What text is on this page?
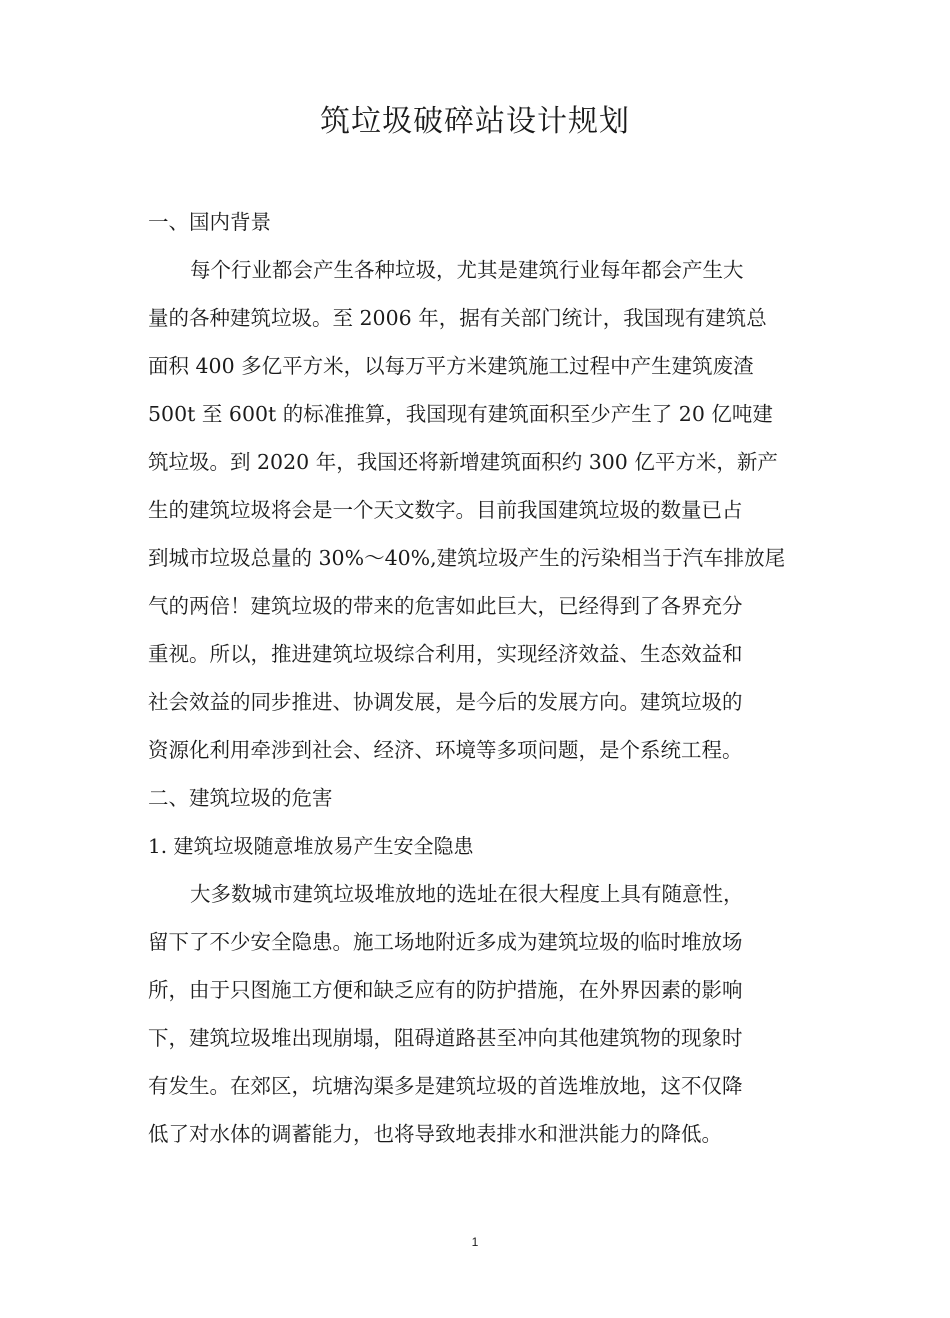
筑垃圾破碎站设计规划
一、国内背景
每个行业都会产生各种垃圾，尤其是建筑行业每年都会产生大
量的各种建筑垃圾。至 2006 年，据有关部门统计，我国现有建筑总
面积 400 多亿平方米，以每万平方米建筑施工过程中产生建筑废渣
500t 至 600t 的标准推算，我国现有建筑面积至少产生了 20 亿吨建
筑垃圾。到 2020 年，我国还将新增建筑面积约 300 亿平方米，新产
生的建筑垃圾将会是一个天文数字。目前我国建筑垃圾的数量已占
到城市垃圾总量的 30%～40%,建筑垃圾产生的污染相当于汽车排放尾
气的两倍！建筑垃圾的带来的危害如此巨大，已经得到了各界充分
重视。所以，推进建筑垃圾综合利用，实现经济效益、生态效益和
社会效益的同步推进、协调发展，是今后的发展方向。建筑垃圾的
资源化利用牵涉到社会、经济、环境等多项问题，是个系统工程。
二、建筑垃圾的危害
1. 建筑垃圾随意堆放易产生安全隐患
大多数城市建筑垃圾堆放地的选址在很大程度上具有随意性，
留下了不少安全隐患。施工场地附近多成为建筑垃圾的临时堆放场
所，由于只图施工方便和缺乏应有的防护措施，在外界因素的影响
下，建筑垃圾堆出现崩塌，阻碍道路甚至冲向其他建筑物的现象时
有发生。在郊区，坑塘沟渠多是建筑垃圾的首选堆放地，这不仅降
低了对水体的调蓄能力，也将导致地表排水和泄洪能力的降低。
1
